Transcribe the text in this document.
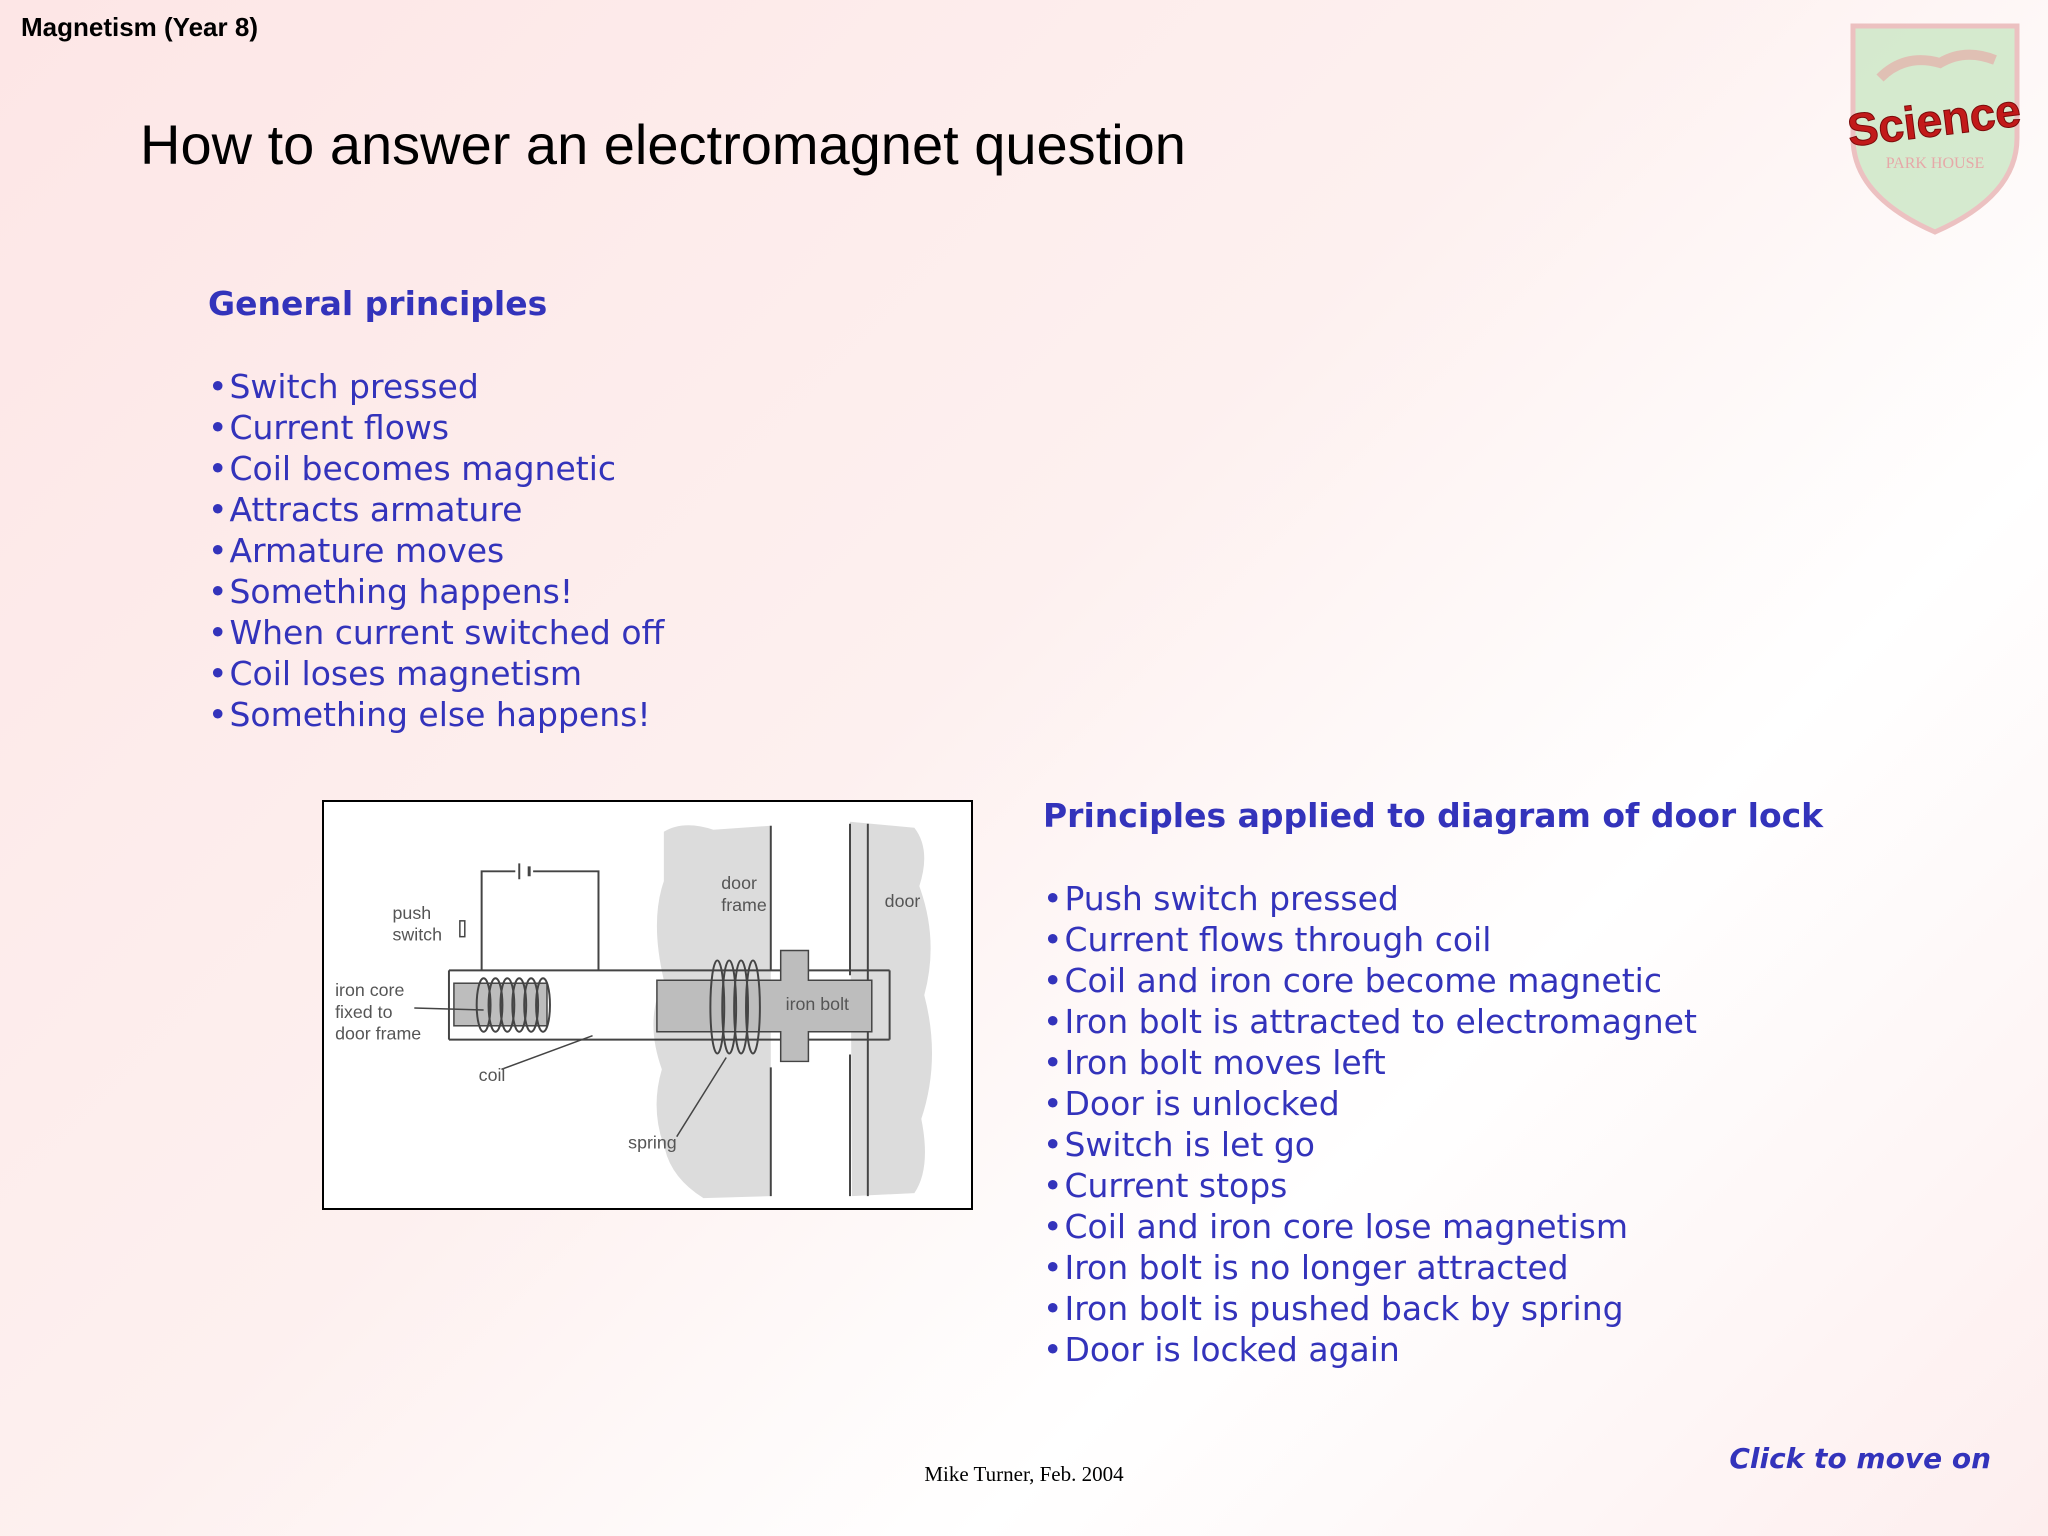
Magnetism (Year 8)
How to answer an electromagnet question	Science
PARK HOUSE
General principles
• Switch pressed
• Current flows
• Coil becomes magnetic
• Attracts armature
• Armature moves
• Something happens!
• When current switched off
• Coil loses magnetism
• Something else happens!
push
switch
iron core
fixed to
door frame
coil
door
frame	door
iron bolt
spring
Principles applied to diagram of door lock
• Push switch pressed
• Current flows through coil
• Coil and iron core become magnetic
• Iron bolt is attracted to electromagnet
• Iron bolt moves left
• Door is unlocked
• Switch is let go
• Current stops
• Coil and iron core lose magnetism
• Iron bolt is no longer attracted
• Iron bolt is pushed back by spring
• Door is locked again
Mike Turner, Feb. 2004	Click to move on
